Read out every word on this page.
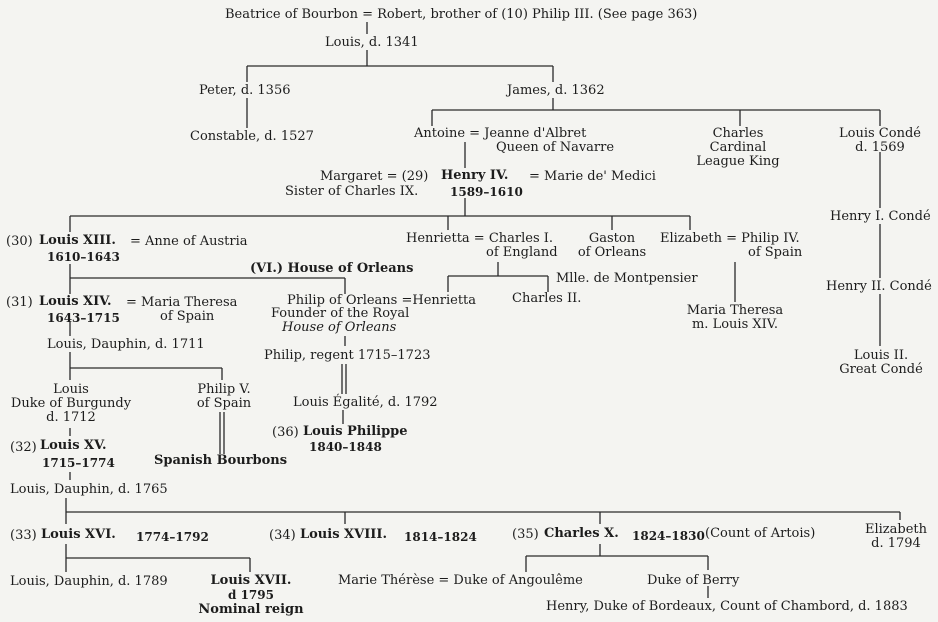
Beatrice of Bourbon = Robert, brother of (10) Philip III. (See page 363)
Louis, d. 1341
Peter, d. 1356	James, d. 1362
Constable, d. 1527	Antoine = Jeanne d'Albret
Queen of Navarre
Charles
Cardinal
League King
Louis Condé
d. 1569
Margaret = (29) Henry IV. = Marie de' Medici
Sister of Charles IX.	1589–1610
Henry I. Condé
(30) Louis XIII. = Anne of Austria
1610–1643
Henrietta = Charles I.
of England
Gaston
of Orleans
Elizabeth = Philip IV.
of Spain
(VI.) House of Orleans
Mlle. de Montpensier
Henry II. Condé
(31) Louis XIV. = Maria Theresa
of Spain
1643–1715
Philip of Orleans =Henrietta
Founder of the Royal
House of Orleans
Charles II.
Maria Theresa
m. Louis XIV.
Louis, Dauphin, d. 1711
Philip, regent 1715–1723	Louis II.
Great Condé
Louis
Duke of Burgundy
d. 1712
Philip V.
of Spain	Louis Égalité, d. 1792
(32) Louis XV.
1715–1774	Spanish Bourbons
(36) Louis Philippe
1840–1848
Louis, Dauphin, d. 1765
(33) Louis XVI. 1774–1792	(34) Louis XVIII. 1814–1824	(35) Charles X. 1824–1830 (Count of Artois)	Elizabeth
d. 1794
Louis, Dauphin, d. 1789	Louis XVII.
d 1795
Nominal reign
Marie Thérèse = Duke of Angoulême	Duke of Berry
Henry, Duke of Bordeaux, Count of Chambord, d. 1883
